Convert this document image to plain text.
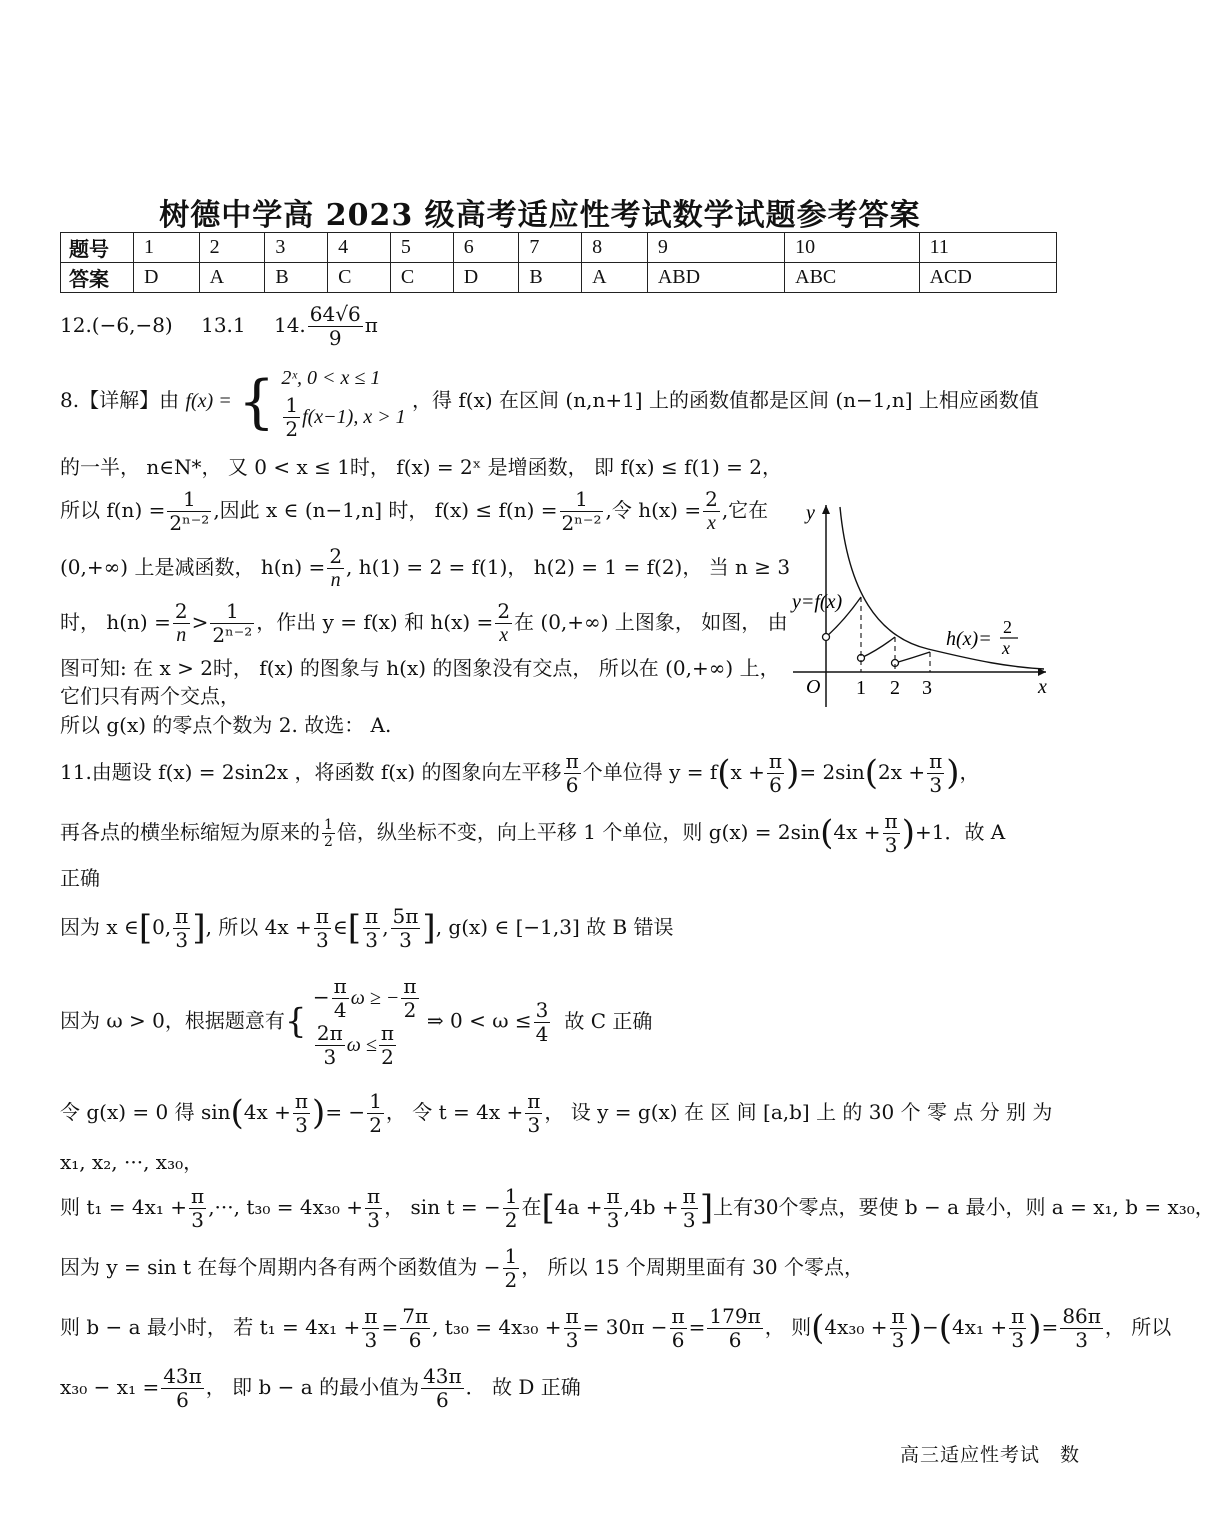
树德中学高 2023 级高考适应性考试数学试题参考答案
题号	1	2	3	4	5	6	7	8	9	10	11
答案	D	A	B	C	C	D	B	A	ABD	ABC	ACD
12.(−6,−8) 13.1 14. $\frac{64√6}{9}$ π
8.【详解】由 f(x) = { 2ˣ, 0 < x ≤ 1
$\frac{1}{2} f(x-1)$, x > 1
，得 f(x) 在区间 (n,n+1] 上的函数值都是区间 (n−1,n] 上相应函数值
的一半， n∈N*， 又 0 < x ≤ 1时， f(x) = 2ˣ 是增函数， 即 f(x) ≤ f(1) = 2，
所以 $f(n) = \frac{1}{\text{2ⁿ⁻²}}$ ,因此 x ∈ (n−1,n] 时， $f(x) \le f(n) = \frac{1}{\text{2ⁿ⁻²}}$ ,令 $h(x) = \frac{2}{x}$ ,它在
(0,+∞) 上是减函数， $h(n) = \frac{2}{n}$ , h(1) = 2 = f(1)， h(2) = 1 = f(2)， 当 n ≥ 3
时， $h(n) = \frac{2}{n} > \frac{1}{\text{2ⁿ⁻²}}$ ，作出 y = f(x) 和 $h(x) = \frac{2}{x}$ 在 (0,+∞) 上图象， 如图， 由
图可知: 在 x > 2时， f(x) 的图象与 h(x) 的图象没有交点， 所以在 (0,+∞) 上，
它们只有两个交点，
所以 g(x) 的零点个数为 2. 故选： A.
y
x
O 1 2 3
y=f(x)
h(x)=
2
x
11.由题设 f(x) = 2sin2x ，将函数 f(x) 的图象向左平移 $\frac{\pi}{6}$ 个单位得 $y = f(x + \frac{\pi}{6}$ )= $2\sin(2x + \frac{\pi}{3}$ )，
再各点的横坐标缩短为原来的 $\frac{1}{2}$ 倍，纵坐标不变，向上平移 1 个单位，则 $g(x) = 2\sin(4x + \frac{\pi}{3} )+1$．故 A
正确
因为 x ∈[0, $\frac{\pi}{3}$ ], 所以 $4x + \frac{\pi}{3}$ ∈[ $\frac{\pi}{3}$ , $\frac{5\pi}{3}$ ], g(x) ∈ [−1,3] 故 B 错误
因为 ω > 0，根据题意有{
− $\frac{\pi}{4}$ ω ≥ − $\frac{\pi}{2}$
$\frac{2\pi}{3}$ $\omega \le \frac{\pi}{2}$
⇒ $0 < \omega \le \frac{3}{4}$ 故 C 正确
令 g(x) = 0 得 $\sin(4x + \frac{\pi}{3}$ )= − $\frac{1}{2}$ ， 令 $t = 4x + \frac{\pi}{3}$ ， 设 y = g(x) 在 区 间 [a,b] 上 的 30 个 零 点 分 别 为
x₁, x₂, ···, x₃₀，
则 $t_1 = 4x_1 + \frac{\pi}{3}$ ,···, $t_{30} = 4x_{30} + \frac{\pi}{3}$ ， sin t = − $\frac{1}{2}$ 在[$4a + \frac{\pi}{3} ,4b + \frac{\pi}{3}$ ]上有30个零点，要使 b − a 最小，则 a = x₁, b = x₃₀，
因为 y = sin t 在每个周期内各有两个函数值为 − $\frac{1}{2}$ ， 所以 15 个周期里面有 30 个零点，
则 b − a 最小时， 若 $t_1 = 4x_1 + \frac{\pi}{3} = \frac{7\pi}{6}$ , $t_{30} = 4x_{30} + \frac{\pi}{3} = 30\pi - \frac{\pi}{6} = \frac{179\pi}{6}$ ， 则$(4x_{30} + \frac{\pi}{3} )-(4x_1 + \frac{\pi}{3}$ )= $\frac{86\pi}{3}$ ， 所以
$x_{30} - x_1 = \frac{43\pi}{6}$ ， 即 b − a 的最小值为 $\frac{43\pi}{6}$ ． 故 D 正确
高三适应性考试　数
